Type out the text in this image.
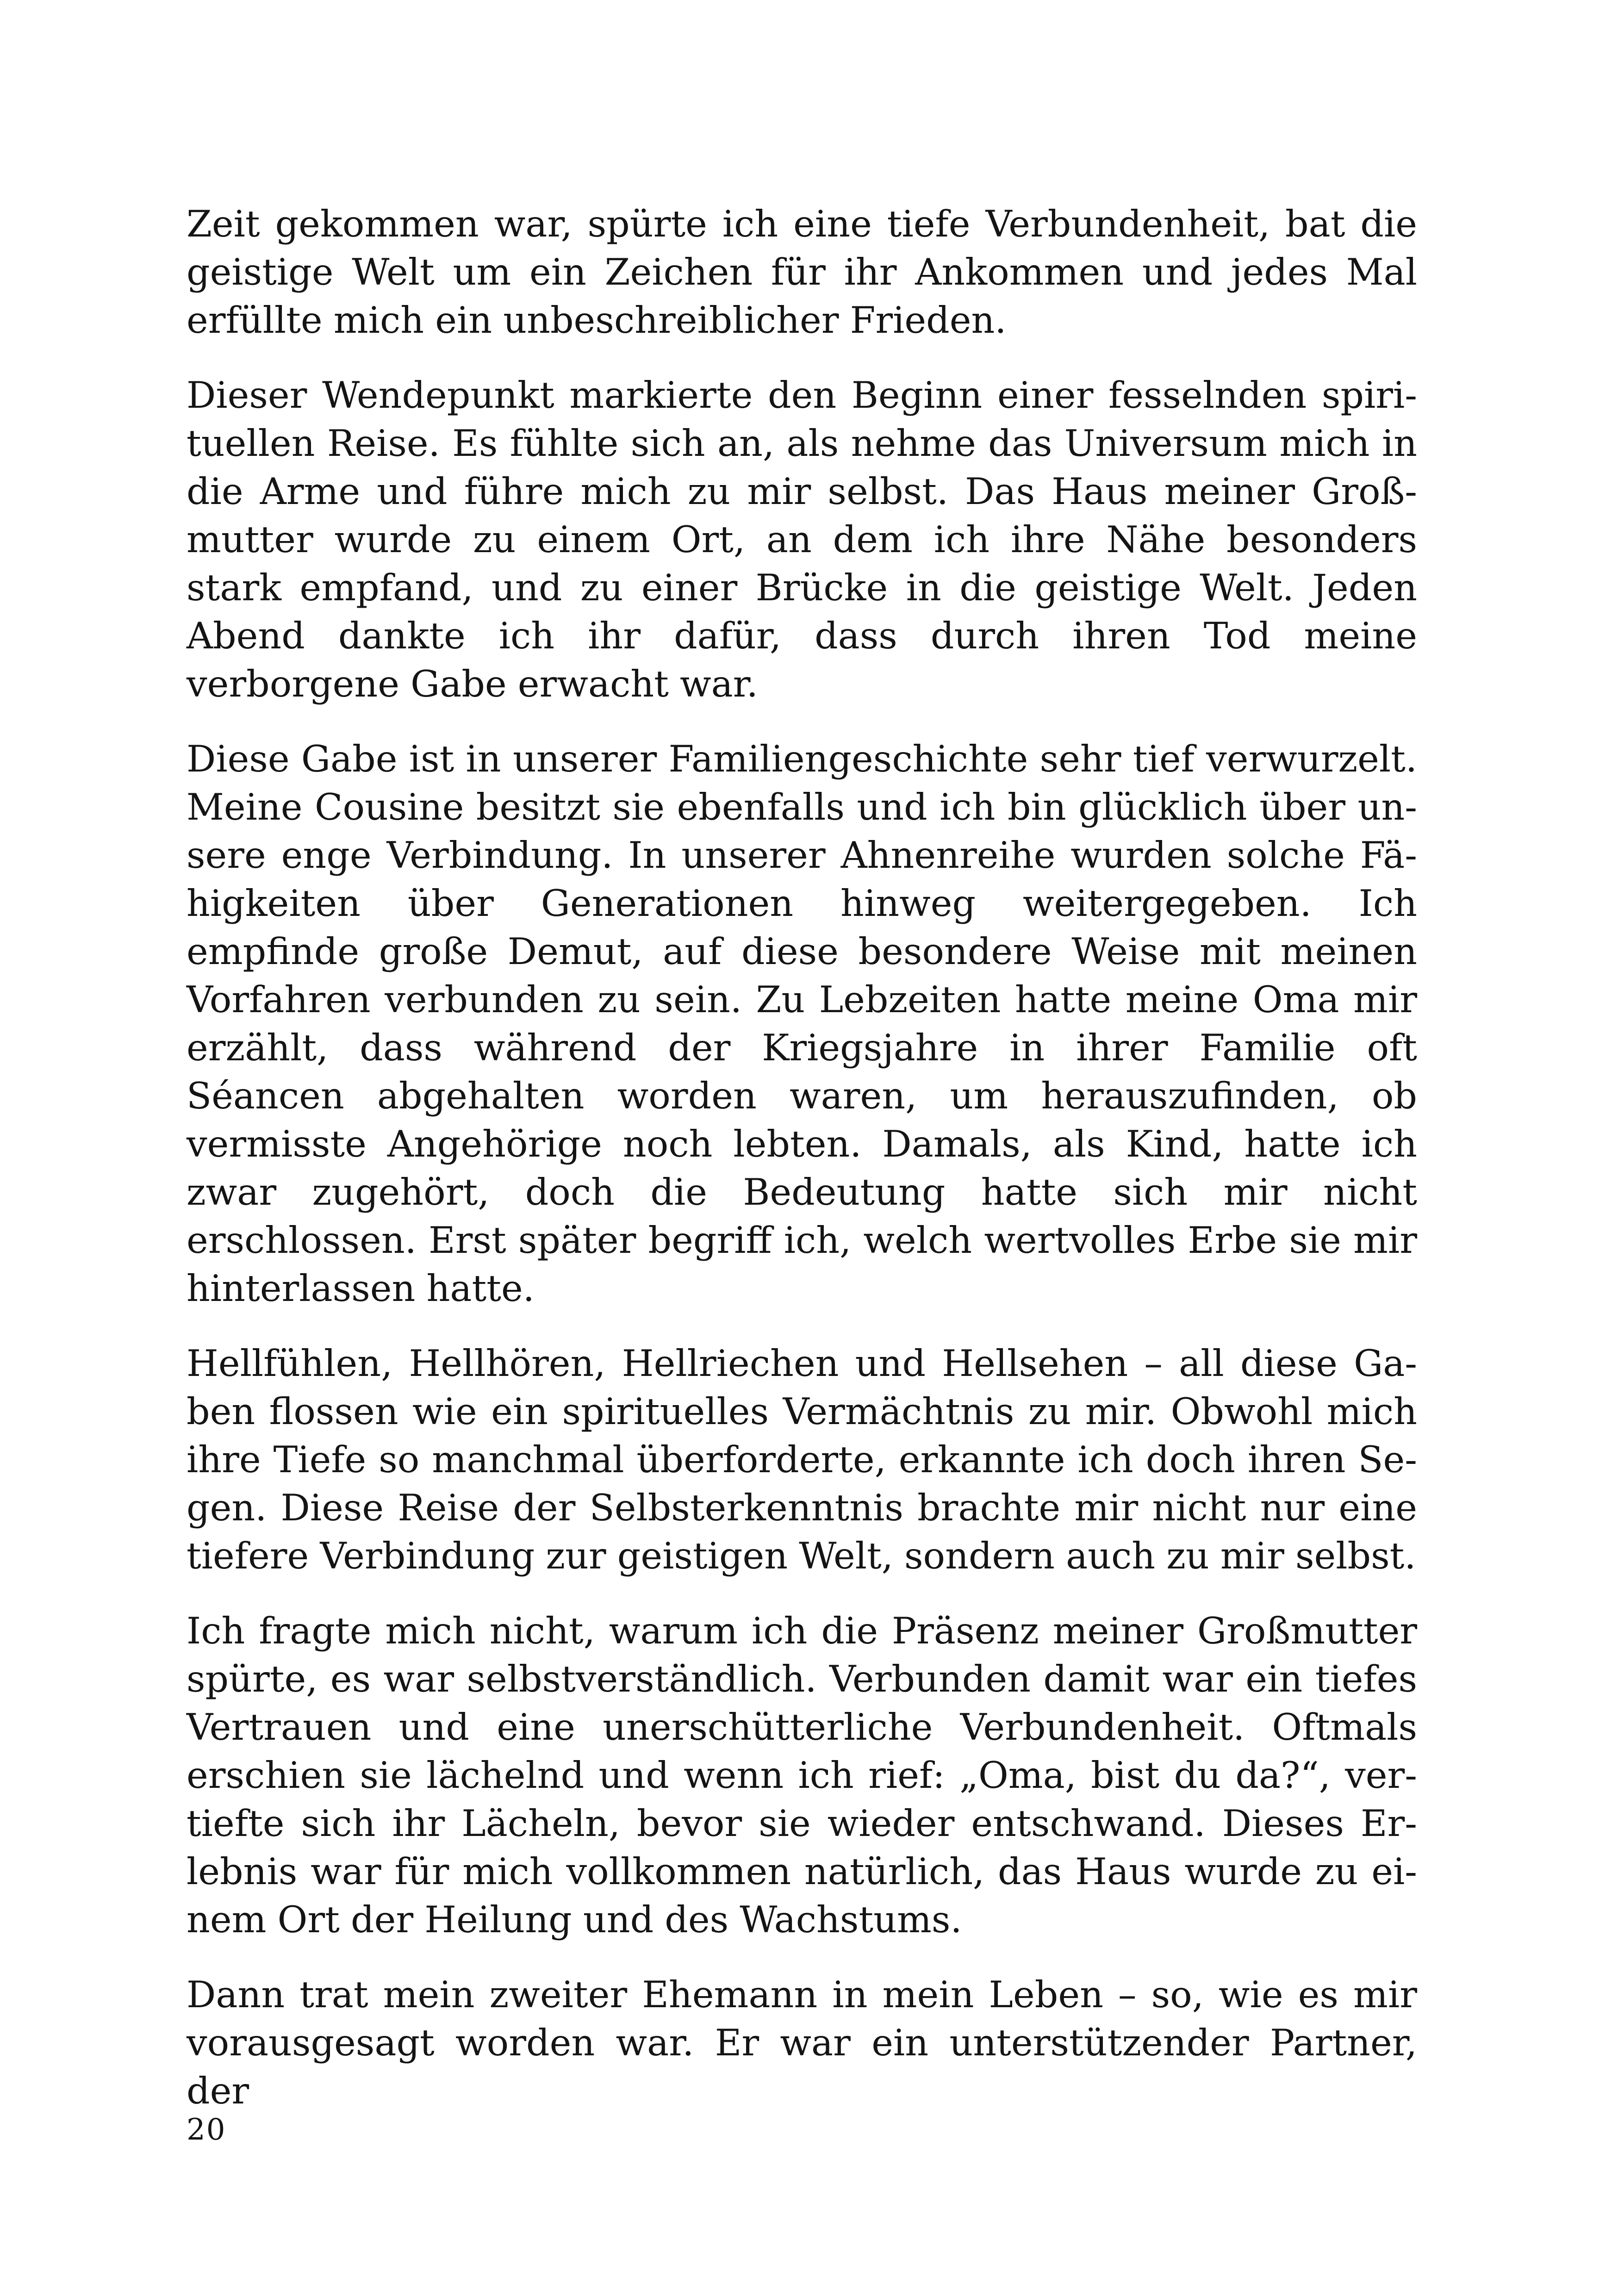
Zeit gekommen war, spürte ich eine tiefe Verbundenheit, bat die geistige Welt um ein Zeichen für ihr Ankommen und jedes Mal erfüllte mich ein unbeschreiblicher Frieden.

Dieser Wendepunkt markierte den Beginn einer fesselnden spirituellen Reise. Es fühlte sich an, als nehme das Universum mich in die Arme und führe mich zu mir selbst. Das Haus meiner Großmutter wurde zu einem Ort, an dem ich ihre Nähe besonders stark empfand, und zu einer Brücke in die geistige Welt. Jeden Abend dankte ich ihr dafür, dass durch ihren Tod meine verborgene Gabe erwacht war.

Diese Gabe ist in unserer Familiengeschichte sehr tief verwurzelt. Meine Cousine besitzt sie ebenfalls und ich bin glücklich über unsere enge Verbindung. In unserer Ahnenreihe wurden solche Fähigkeiten über Generationen hinweg weitergegeben. Ich empfinde große Demut, auf diese besondere Weise mit meinen Vorfahren verbunden zu sein. Zu Lebzeiten hatte meine Oma mir erzählt, dass während der Kriegsjahre in ihrer Familie oft Séancen abgehalten worden waren, um herauszufinden, ob vermisste Angehörige noch lebten. Damals, als Kind, hatte ich zwar zugehört, doch die Bedeutung hatte sich mir nicht erschlossen. Erst später begriff ich, welch wertvolles Erbe sie mir hinterlassen hatte.

Hellfühlen, Hellhören, Hellriechen und Hellsehen – all diese Gaben flossen wie ein spirituelles Vermächtnis zu mir. Obwohl mich ihre Tiefe so manchmal überforderte, erkannte ich doch ihren Segen. Diese Reise der Selbsterkenntnis brachte mir nicht nur eine tiefere Verbindung zur geistigen Welt, sondern auch zu mir selbst.

Ich fragte mich nicht, warum ich die Präsenz meiner Großmutter spürte, es war selbstverständlich. Verbunden damit war ein tiefes Vertrauen und eine unerschütterliche Verbundenheit. Oftmals erschien sie lächelnd und wenn ich rief: „Oma, bist du da?“, vertiefte sich ihr Lächeln, bevor sie wieder entschwand. Dieses Erlebnis war für mich vollkommen natürlich, das Haus wurde zu einem Ort der Heilung und des Wachstums.

Dann trat mein zweiter Ehemann in mein Leben – so, wie es mir vorausgesagt worden war. Er war ein unterstützender Partner, der

20
